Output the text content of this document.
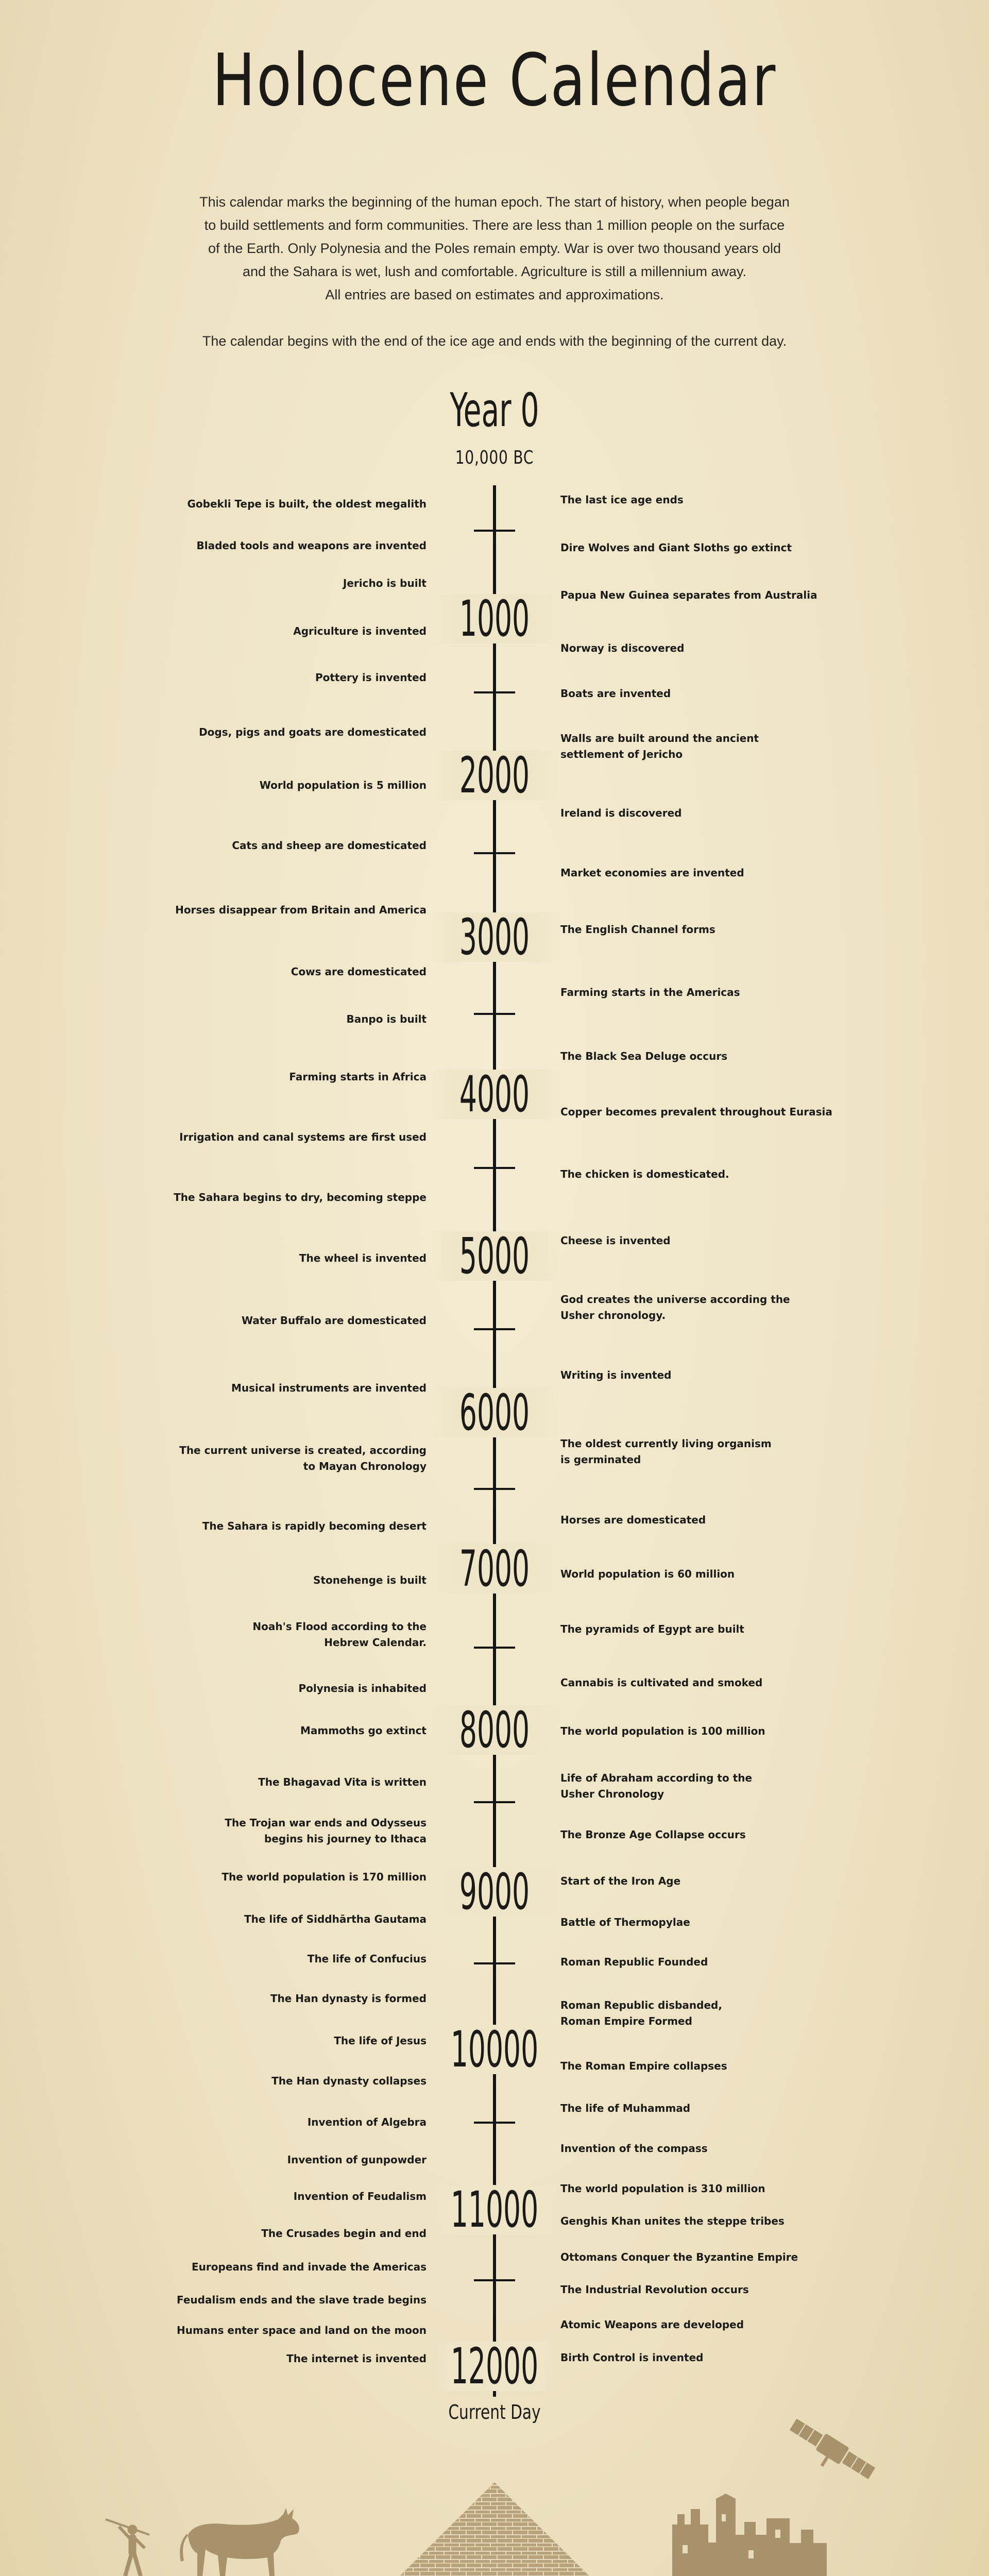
Holocene Calendar

This calendar marks the beginning of the human epoch. The start of history, when people began
to build settlements and form communities. There are less than 1 million people on the surface
of the Earth. Only Polynesia and the Poles remain empty. War is over two thousand years old
and the Sahara is wet, lush and comfortable. Agriculture is still a millennium away.
All entries are based on estimates and approximations.

The calendar begins with the end of the ice age and ends with the beginning of the current day.

Year 0
10,000 BC
1000
2000
3000
4000
5000
6000
7000
8000
9000
10000
11000
12000
Gobekli Tepe is built, the oldest megalith
Bladed tools and weapons are invented
Jericho is built
Agriculture is invented
Pottery is invented
Dogs, pigs and goats are domesticated
World population is 5 million
Cats and sheep are domesticated
Horses disappear from Britain and America
Cows are domesticated
Banpo is built
Farming starts in Africa
Irrigation and canal systems are first used
The Sahara begins to dry, becoming steppe
The wheel is invented
Water Buffalo are domesticated
Musical instruments are invented
The current universe is created, according
to Mayan Chronology
The Sahara is rapidly becoming desert
Stonehenge is built
Noah's Flood according to the
Hebrew Calendar.
Polynesia is inhabited
Mammoths go extinct
The Bhagavad Vita is written
The Trojan war ends and Odysseus
begins his journey to Ithaca
The world population is 170 million
The life of Siddhārtha Gautama
The life of Confucius
The Han dynasty is formed
The life of Jesus
The Han dynasty collapses
Invention of Algebra
Invention of gunpowder
Invention of Feudalism
The Crusades begin and end
Europeans find and invade the Americas
Feudalism ends and the slave trade begins
Humans enter space and land on the moon
The internet is invented
The last ice age ends
Dire Wolves and Giant Sloths go extinct
Papua New Guinea separates from Australia
Norway is discovered
Boats are invented
Walls are built around the ancient
settlement of Jericho
Ireland is discovered
Market economies are invented
The English Channel forms
Farming starts in the Americas
The Black Sea Deluge occurs
Copper becomes prevalent throughout Eurasia
The chicken is domesticated.
Cheese is invented
God creates the universe according the
Usher chronology.
Writing is invented
The oldest currently living organism
is germinated
Horses are domesticated
World population is 60 million
The pyramids of Egypt are built
Cannabis is cultivated and smoked
The world population is 100 million
Life of Abraham according to the
Usher Chronology
The Bronze Age Collapse occurs
Start of the Iron Age
Battle of Thermopylae
Roman Republic Founded
Roman Republic disbanded,
Roman Empire Formed
The Roman Empire collapses
The life of Muhammad
Invention of the compass
The world population is 310 million
Genghis Khan unites the steppe tribes
Ottomans Conquer the Byzantine Empire
The Industrial Revolution occurs
Atomic Weapons are developed
Birth Control is invented
Current Day
